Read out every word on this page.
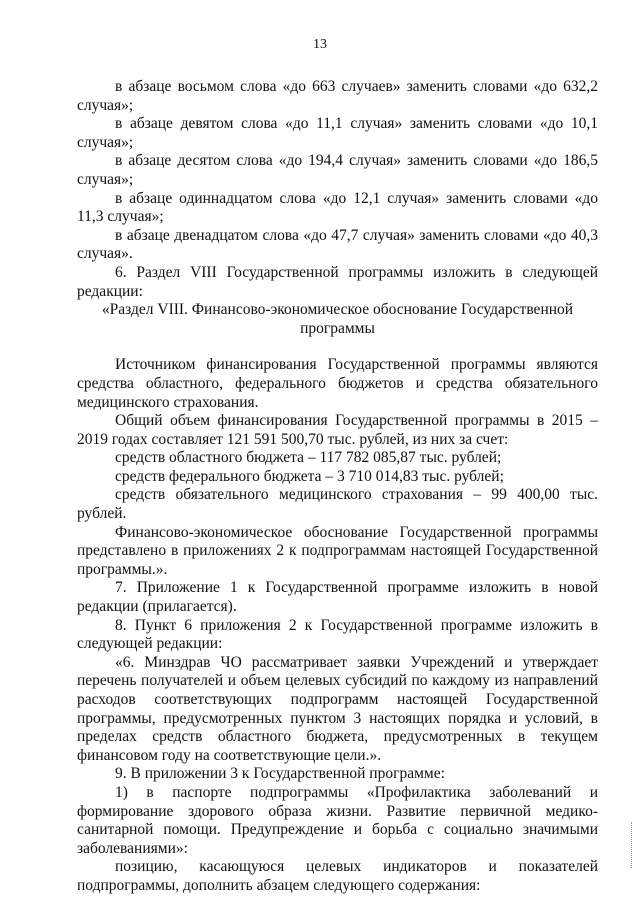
13

в абзаце восьмом слова «до 663 случаев» заменить словами «до 632,2 случая»;

в абзаце девятом слова «до 11,1 случая» заменить словами «до 10,1 случая»;

в абзаце десятом слова «до 194,4 случая» заменить словами «до 186,5 случая»;

в абзаце одиннадцатом слова «до 12,1 случая» заменить словами «до 11,3 случая»;

в абзаце двенадцатом слова «до 47,7 случая» заменить словами «до 40,3 случая».

6. Раздел VIII Государственной программы изложить в следующей редакции:

«Раздел VIII. Финансово-экономическое обоснование Государственной программы

Источником финансирования Государственной программы являются средства областного, федерального бюджетов и средства обязательного медицинского страхования.

Общий объем финансирования Государственной программы в 2015 – 2019 годах составляет 121 591 500,70 тыс. рублей, из них за счет:

средств областного бюджета – 117 782 085,87 тыс. рублей;

средств федерального бюджета – 3 710 014,83 тыс. рублей;

средств обязательного медицинского страхования – 99 400,00 тыс. рублей.

Финансово-экономическое обоснование Государственной программы представлено в приложениях 2 к подпрограммам настоящей Государственной программы.».

7. Приложение 1 к Государственной программе изложить в новой редакции (прилагается).

8. Пункт 6 приложения 2 к Государственной программе изложить в следующей редакции:

«6. Минздрав ЧО рассматривает заявки Учреждений и утверждает перечень получателей и объем целевых субсидий по каждому из направлений расходов соответствующих подпрограмм настоящей Государственной программы, предусмотренных пунктом 3 настоящих порядка и условий, в пределах средств областного бюджета, предусмотренных в текущем финансовом году на соответствующие цели.».

9. В приложении 3 к Государственной программе:

1) в паспорте подпрограммы «Профилактика заболеваний и формирование здорового образа жизни. Развитие первичной медико-санитарной помощи. Предупреждение и борьба с социально значимыми заболеваниями»:

позицию, касающуюся целевых индикаторов и показателей подпрограммы, дополнить абзацем следующего содержания:
